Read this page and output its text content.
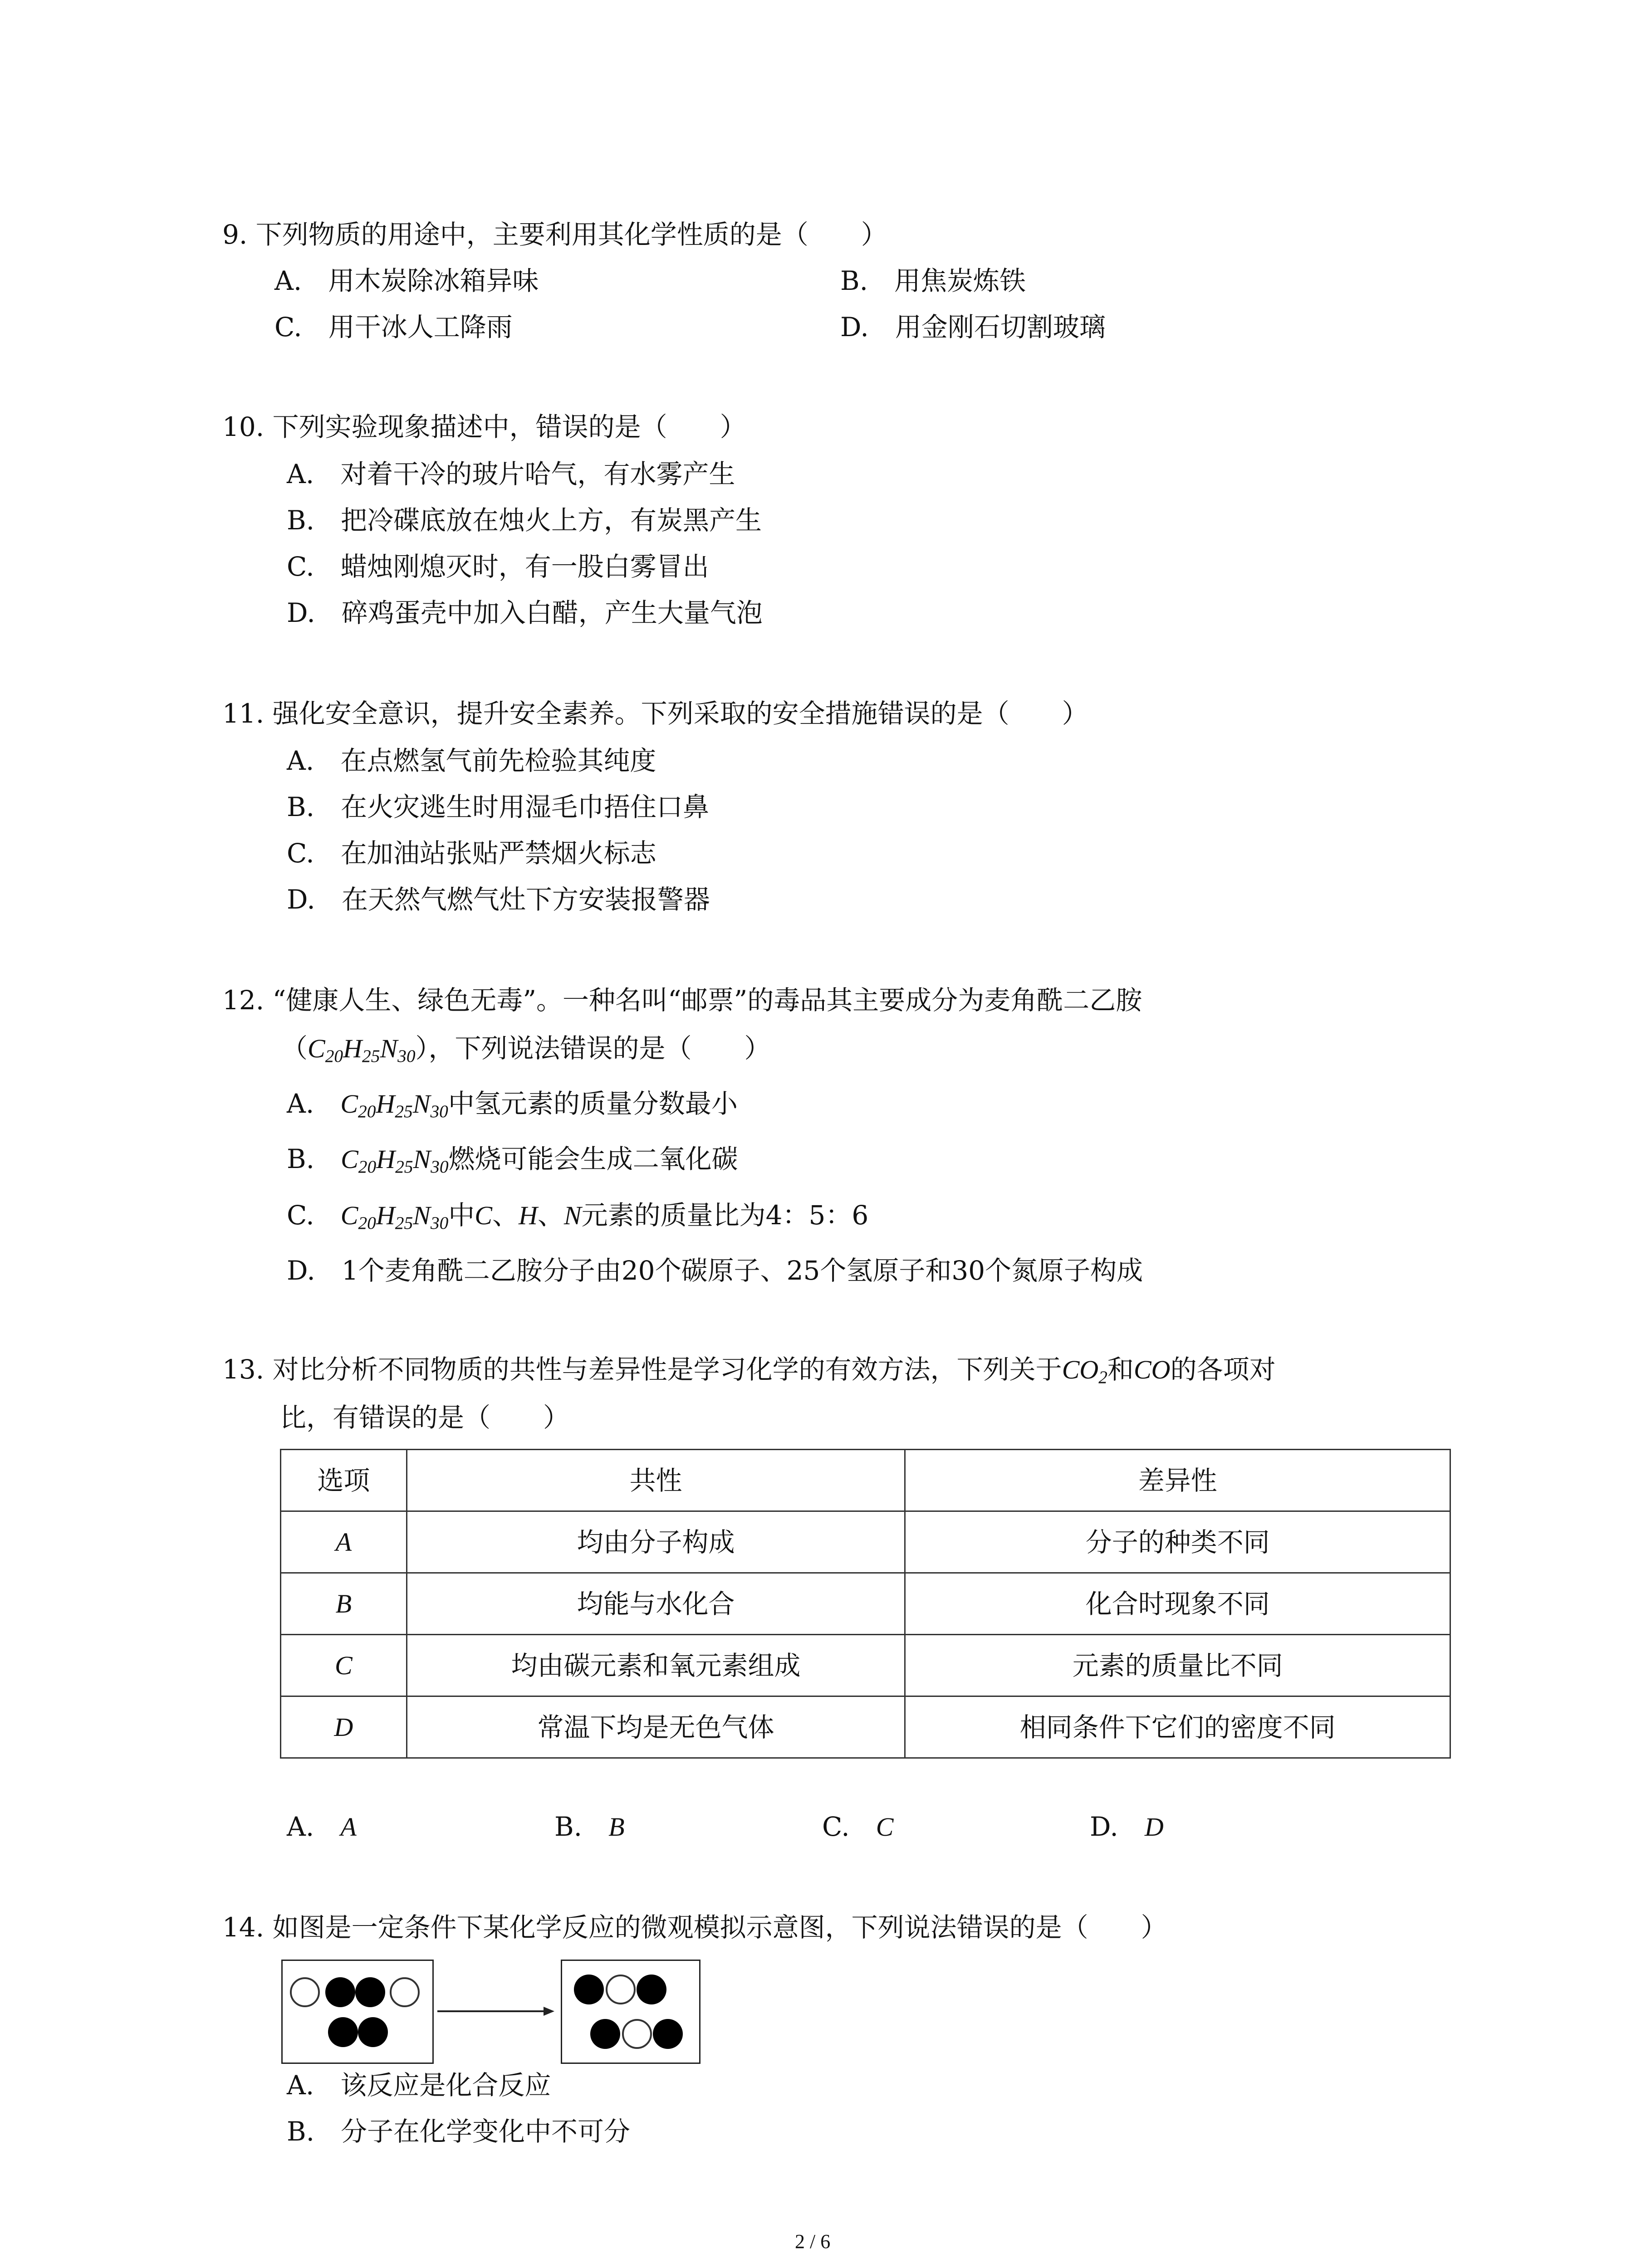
9. 下列物质的用途中，主要利用其化学性质的是（　　）
A.　用木炭除冰箱异味	B.　用焦炭炼铁
C.　用干冰人工降雨	D.　用金刚石切割玻璃
10. 下列实验现象描述中，错误的是（　　）
A.　对着干冷的玻片哈气，有水雾产生
B.　把冷碟底放在烛火上方，有炭黑产生
C.　蜡烛刚熄灭时，有一股白雾冒出
D.　碎鸡蛋壳中加入白醋，产生大量气泡
11. 强化安全意识，提升安全素养。下列采取的安全措施错误的是（　　）
A.　在点燃氢气前先检验其纯度
B.　在火灾逃生时用湿毛巾捂住口鼻
C.　在加油站张贴严禁烟火标志
D.　在天然气燃气灶下方安装报警器
12. “健康人生、绿色无毒”。一种名叫“邮票”的毒品其主要成分为麦角酰二乙胺
$(C_{20}H_{25}N_{30})$，下列说法错误的是（　　）
A.　$C_{20}H_{25}N_{30}$中氢元素的质量分数最小
B.　$C_{20}H_{25}N_{30}$燃烧可能会生成二氧化碳
C.　$C_{20}H_{25}N_{30}$中C、H、N元素的质量比为4：5：6
D.　1个麦角酰二乙胺分子由20个碳原子、25个氢原子和30个氮原子构成
13. 对比分析不同物质的共性与差异性是学习化学的有效方法，下列关于$CO_2$和CO的各项对
比，有错误的是（　　）
选项	共性	差异性
A	均由分子构成	分子的种类不同
B	均能与水化合	化合时现象不同
C	均由碳元素和氧元素组成	元素的质量比不同
D	常温下均是无色气体	相同条件下它们的密度不同
A.　A	B.　B	C.　C	D.　D
14. 如图是一定条件下某化学反应的微观模拟示意图，下列说法错误的是（　　）
A.　该反应是化合反应
B.　分子在化学变化中不可分
2 / 6
